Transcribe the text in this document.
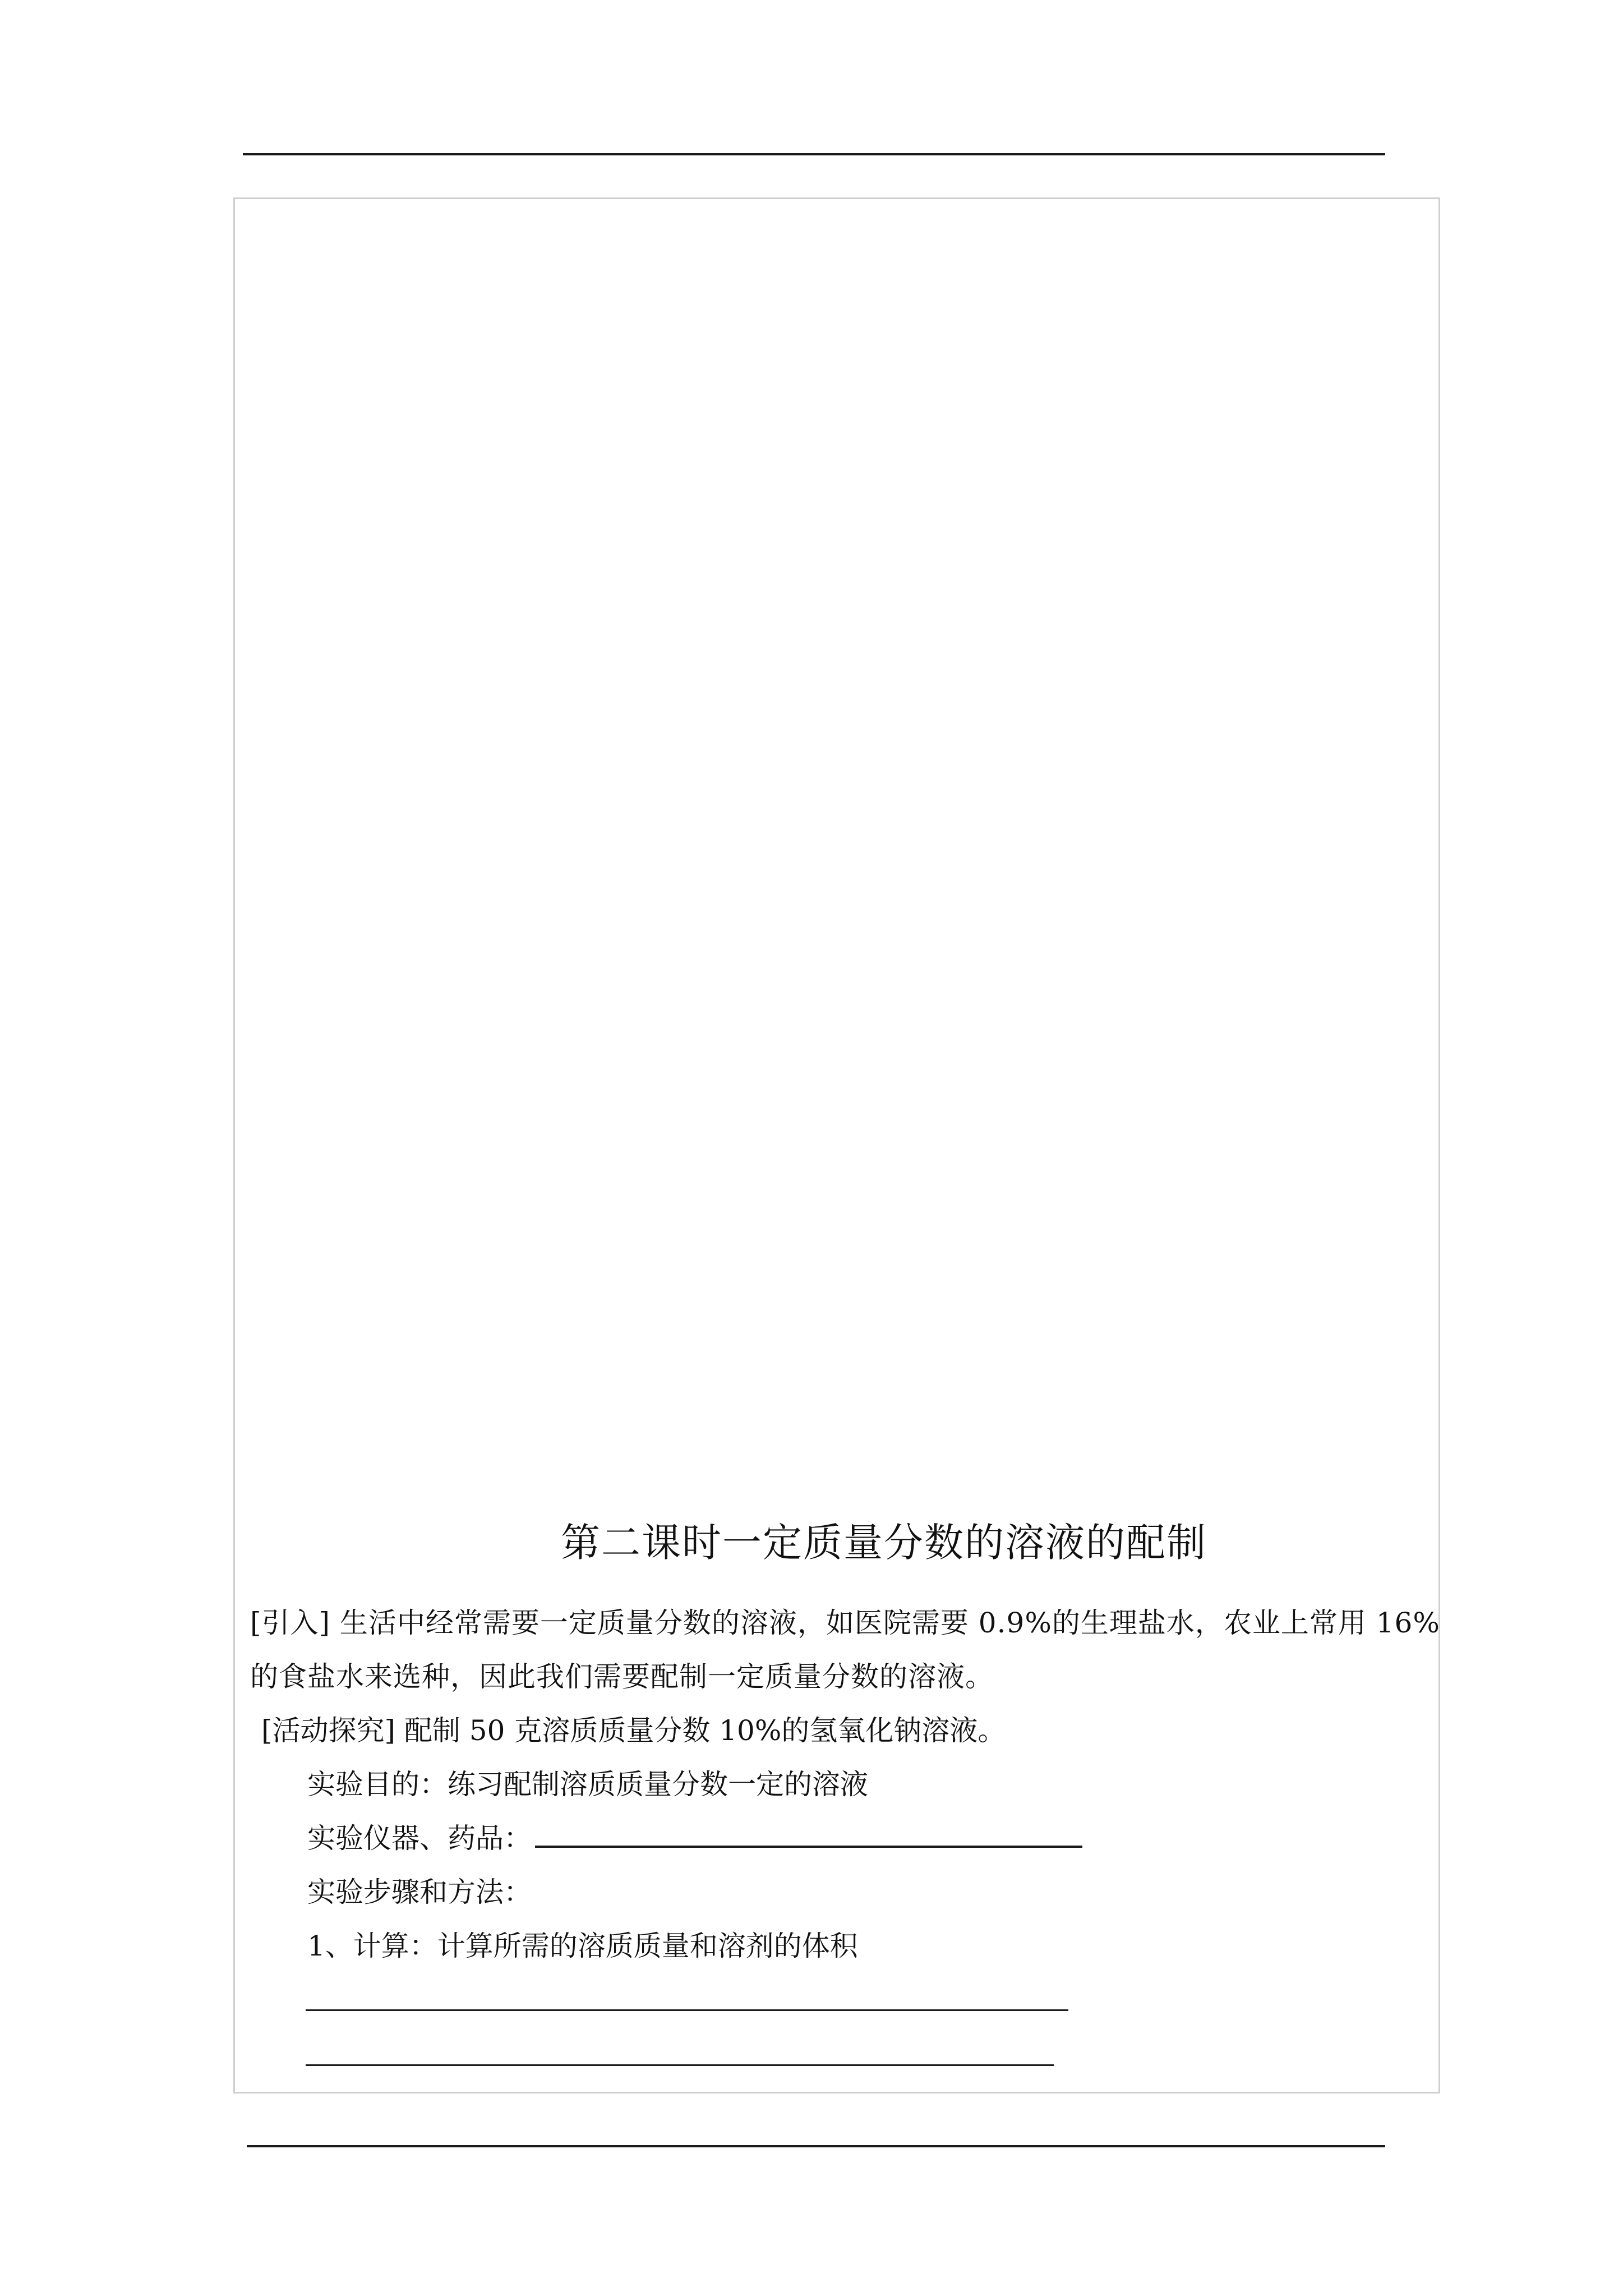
第二课时一定质量分数的溶液的配制
[引入] 生活中经常需要一定质量分数的溶液，如医院需要 0.9%的生理盐水，农业上常用 16%
的食盐水来选种，因此我们需要配制一定质量分数的溶液。
[活动探究] 配制 50 克溶质质量分数 10%的氢氧化钠溶液。
实验目的：练习配制溶质质量分数一定的溶液
实验仪器、药品：
实验步骤和方法：
1、计算：计算所需的溶质质量和溶剂的体积
